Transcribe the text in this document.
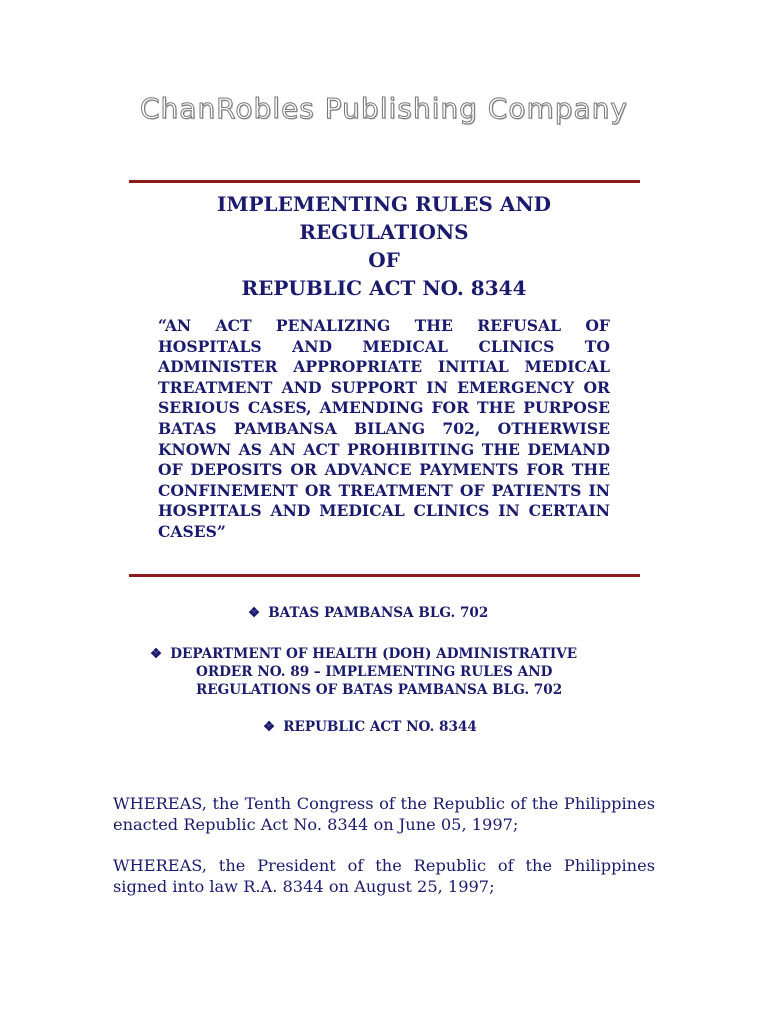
ChanRobles Publishing Company
IMPLEMENTING RULES AND
REGULATIONS
OF
REPUBLIC ACT NO. 8344
“AN ACT PENALIZING THE REFUSAL OF HOSPITALS AND MEDICAL CLINICS TO ADMINISTER APPROPRIATE INITIAL MEDICAL TREATMENT AND SUPPORT IN EMERGENCY OR SERIOUS CASES, AMENDING FOR THE PURPOSE BATAS PAMBANSA BILANG 702, OTHERWISE KNOWN AS AN ACT PROHIBITING THE DEMAND OF DEPOSITS OR ADVANCE PAYMENTS FOR THE CONFINEMENT OR TREATMENT OF PATIENTS IN HOSPITALS AND MEDICAL CLINICS IN CERTAIN CASES”
❖ BATAS PAMBANSA BLG. 702
❖ DEPARTMENT OF HEALTH (DOH) ADMINISTRATIVE
ORDER NO. 89 – IMPLEMENTING RULES AND
REGULATIONS OF BATAS PAMBANSA BLG. 702
❖ REPUBLIC ACT NO. 8344

WHEREAS, the Tenth Congress of the Republic of the Philippines enacted Republic Act No. 8344 on June 05, 1997;

WHEREAS, the President of the Republic of the Philippines signed into law R.A. 8344 on August 25, 1997;
